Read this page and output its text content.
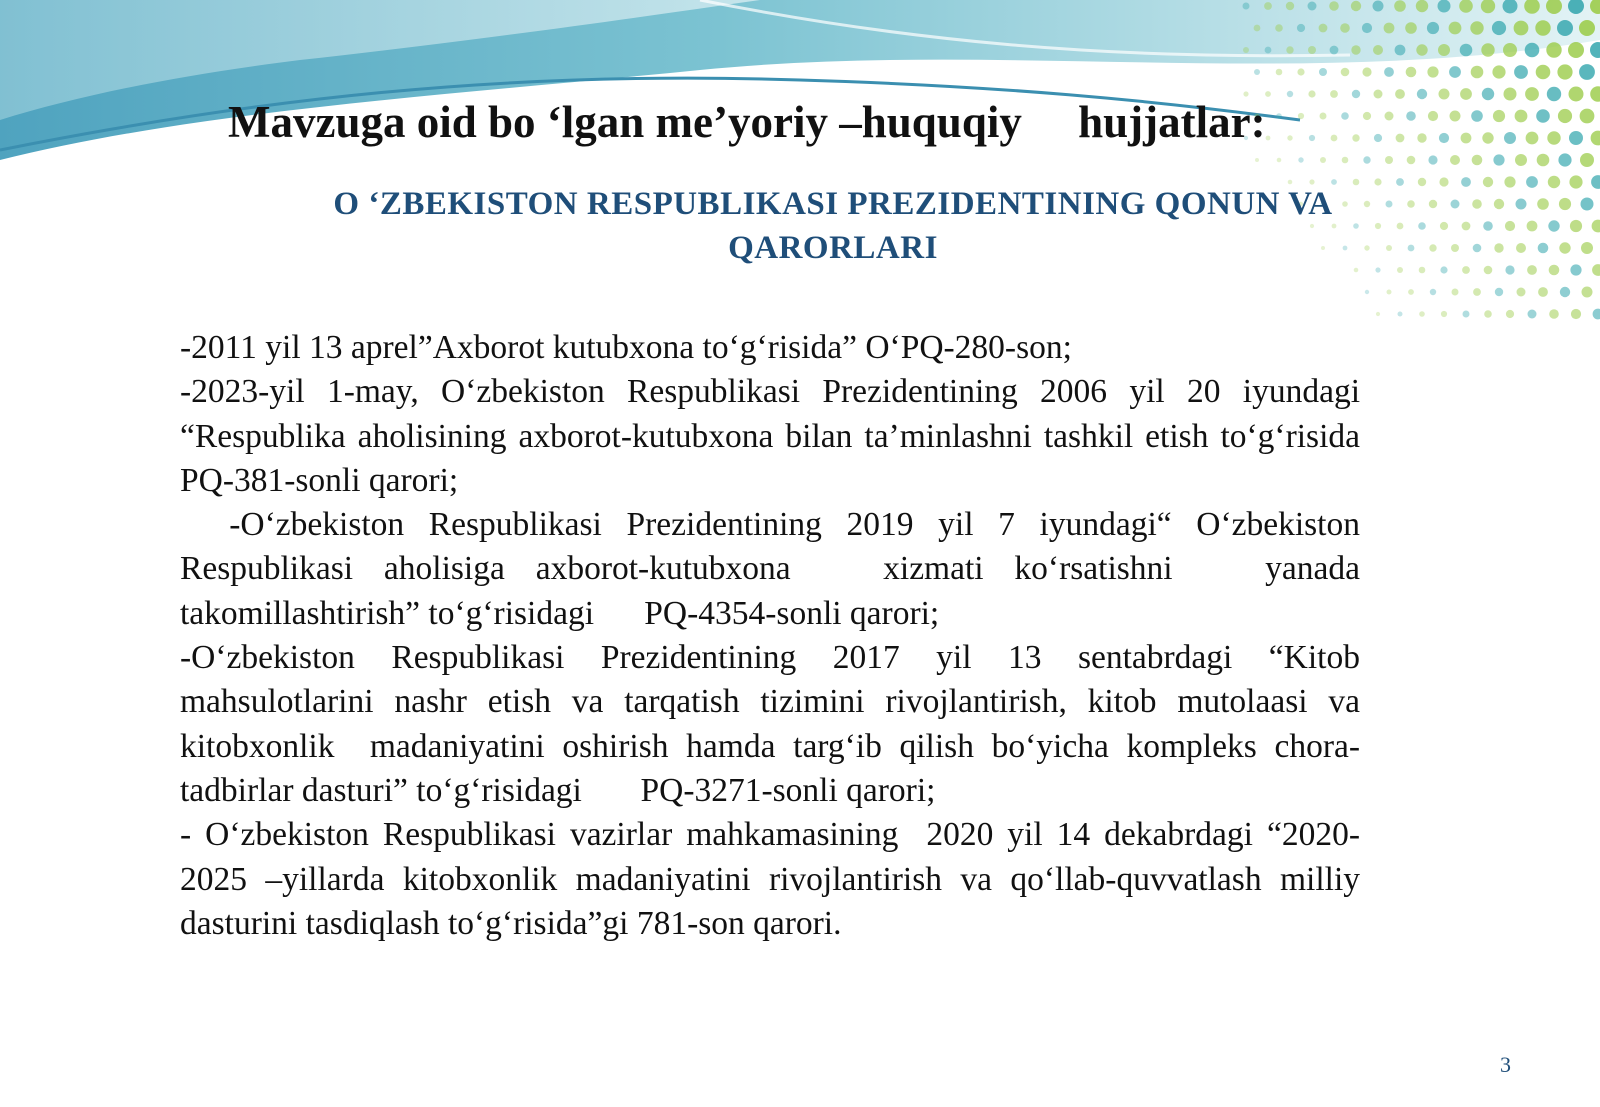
Mavzuga oid bo ‘lgan me’yoriy –huquqiy     hujjatlar:
O ‘ZBEKISTON RESPUBLIKASI PREZIDENTINING QONUN VA QARORLARI

-2011 yil 13 aprel”Axborot kutubxona to‘g‘risida” O‘PQ-280-son;

-2023-yil 1-may, O‘zbekiston Respublikasi Prezidentining 2006 yil 20 iyundagi “Respublika aholisining axborot-kutubxona bilan ta’minlashni tashkil etish to‘g‘risida      PQ-381-sonli qarori;

-O‘zbekiston Respublikasi Prezidentining 2019 yil 7 iyundagi“ O‘zbekiston Respublikasi aholisiga axborot-kutubxona   xizmati ko‘rsatishni   yanada  takomillashtirish” to‘g‘risidagi      PQ-4354-sonli qarori;

-O‘zbekiston Respublikasi Prezidentining 2017 yil 13 sentabrdagi “Kitob mahsulotlarini nashr etish va tarqatish tizimini rivojlantirish, kitob mutolaasi va kitobxonlik  madaniyatini oshirish hamda targ‘ib qilish bo‘yicha kompleks chora-tadbirlar dasturi” to‘g‘risidagi       PQ-3271-sonli qarori;

- O‘zbekiston Respublikasi vazirlar mahkamasining  2020 yil 14 dekabrdagi “2020-2025 –yillarda kitobxonlik madaniyatini rivojlantirish va qo‘llab-quvvatlash milliy dasturini tasdiqlash to‘g‘risida”gi 781-son qarori.

3
